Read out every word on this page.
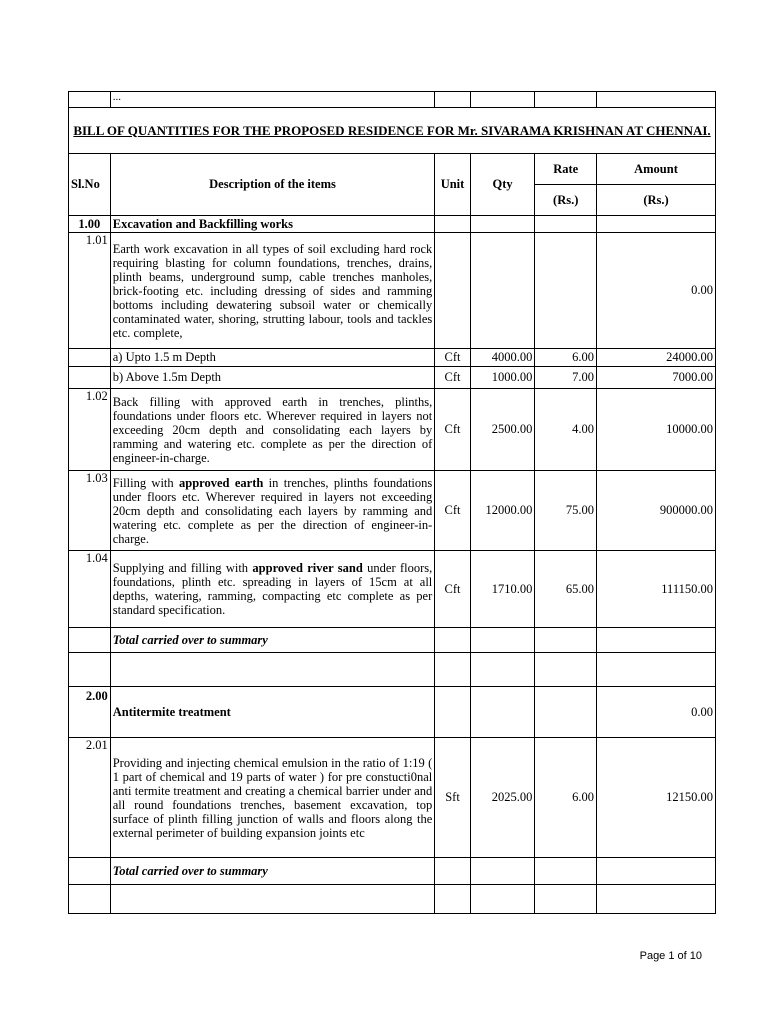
	...				
BILL OF QUANTITIES FOR THE PROPOSED RESIDENCE FOR Mr. SIVARAMA KRISHNAN AT CHENNAI.					
Sl.No	Description of the items	Unit	Qty	Rate	Amount
				(Rs.)	(Rs.)
1.00	Excavation and Backfilling works				
1.01	Earth work excavation in all types of soil excluding hard rock requiring blasting for column foundations, trenches, drains, plinth beams, underground sump, cable trenches manholes, brick-footing etc. including dressing of sides and ramming bottoms including dewatering subsoil water or chemically contaminated water, shoring, strutting labour, tools and tackles etc. complete,				0.00
	a) Upto 1.5 m Depth	Cft	4000.00	6.00	24000.00
	b) Above 1.5m Depth	Cft	1000.00	7.00	7000.00
1.02	Back filling with approved earth in trenches, plinths, foundations under floors etc. Wherever required in layers not exceeding 20cm depth and consolidating each layers by ramming and watering etc. complete as per the direction of engineer-in-charge.	Cft	2500.00	4.00	10000.00
1.03	Filling with approved earth in trenches, plinths foundations under floors etc. Wherever required in layers not exceeding 20cm depth and consolidating each layers by ramming and watering etc. complete as per the direction of engineer-in-charge.	Cft	12000.00	75.00	900000.00
1.04	Supplying and filling with approved river sand under floors, foundations, plinth etc. spreading in layers of 15cm at all depths, watering, ramming, compacting etc complete as per standard specification.	Cft	1710.00	65.00	111150.00
	Total carried over to summary				

2.00	Antitermite treatment				0.00
2.01	Providing and injecting chemical emulsion in the ratio of 1:19 ( 1 part of chemical and 19 parts of water ) for pre constucti0nal anti termite treatment and creating a chemical barrier under and all round foundations trenches, basement excavation, top surface of plinth filling junction of walls and floors along the external perimeter of building expansion joints etc	Sft	2025.00	6.00	12150.00
	Total carried over to summary				

Page 1 of 10
